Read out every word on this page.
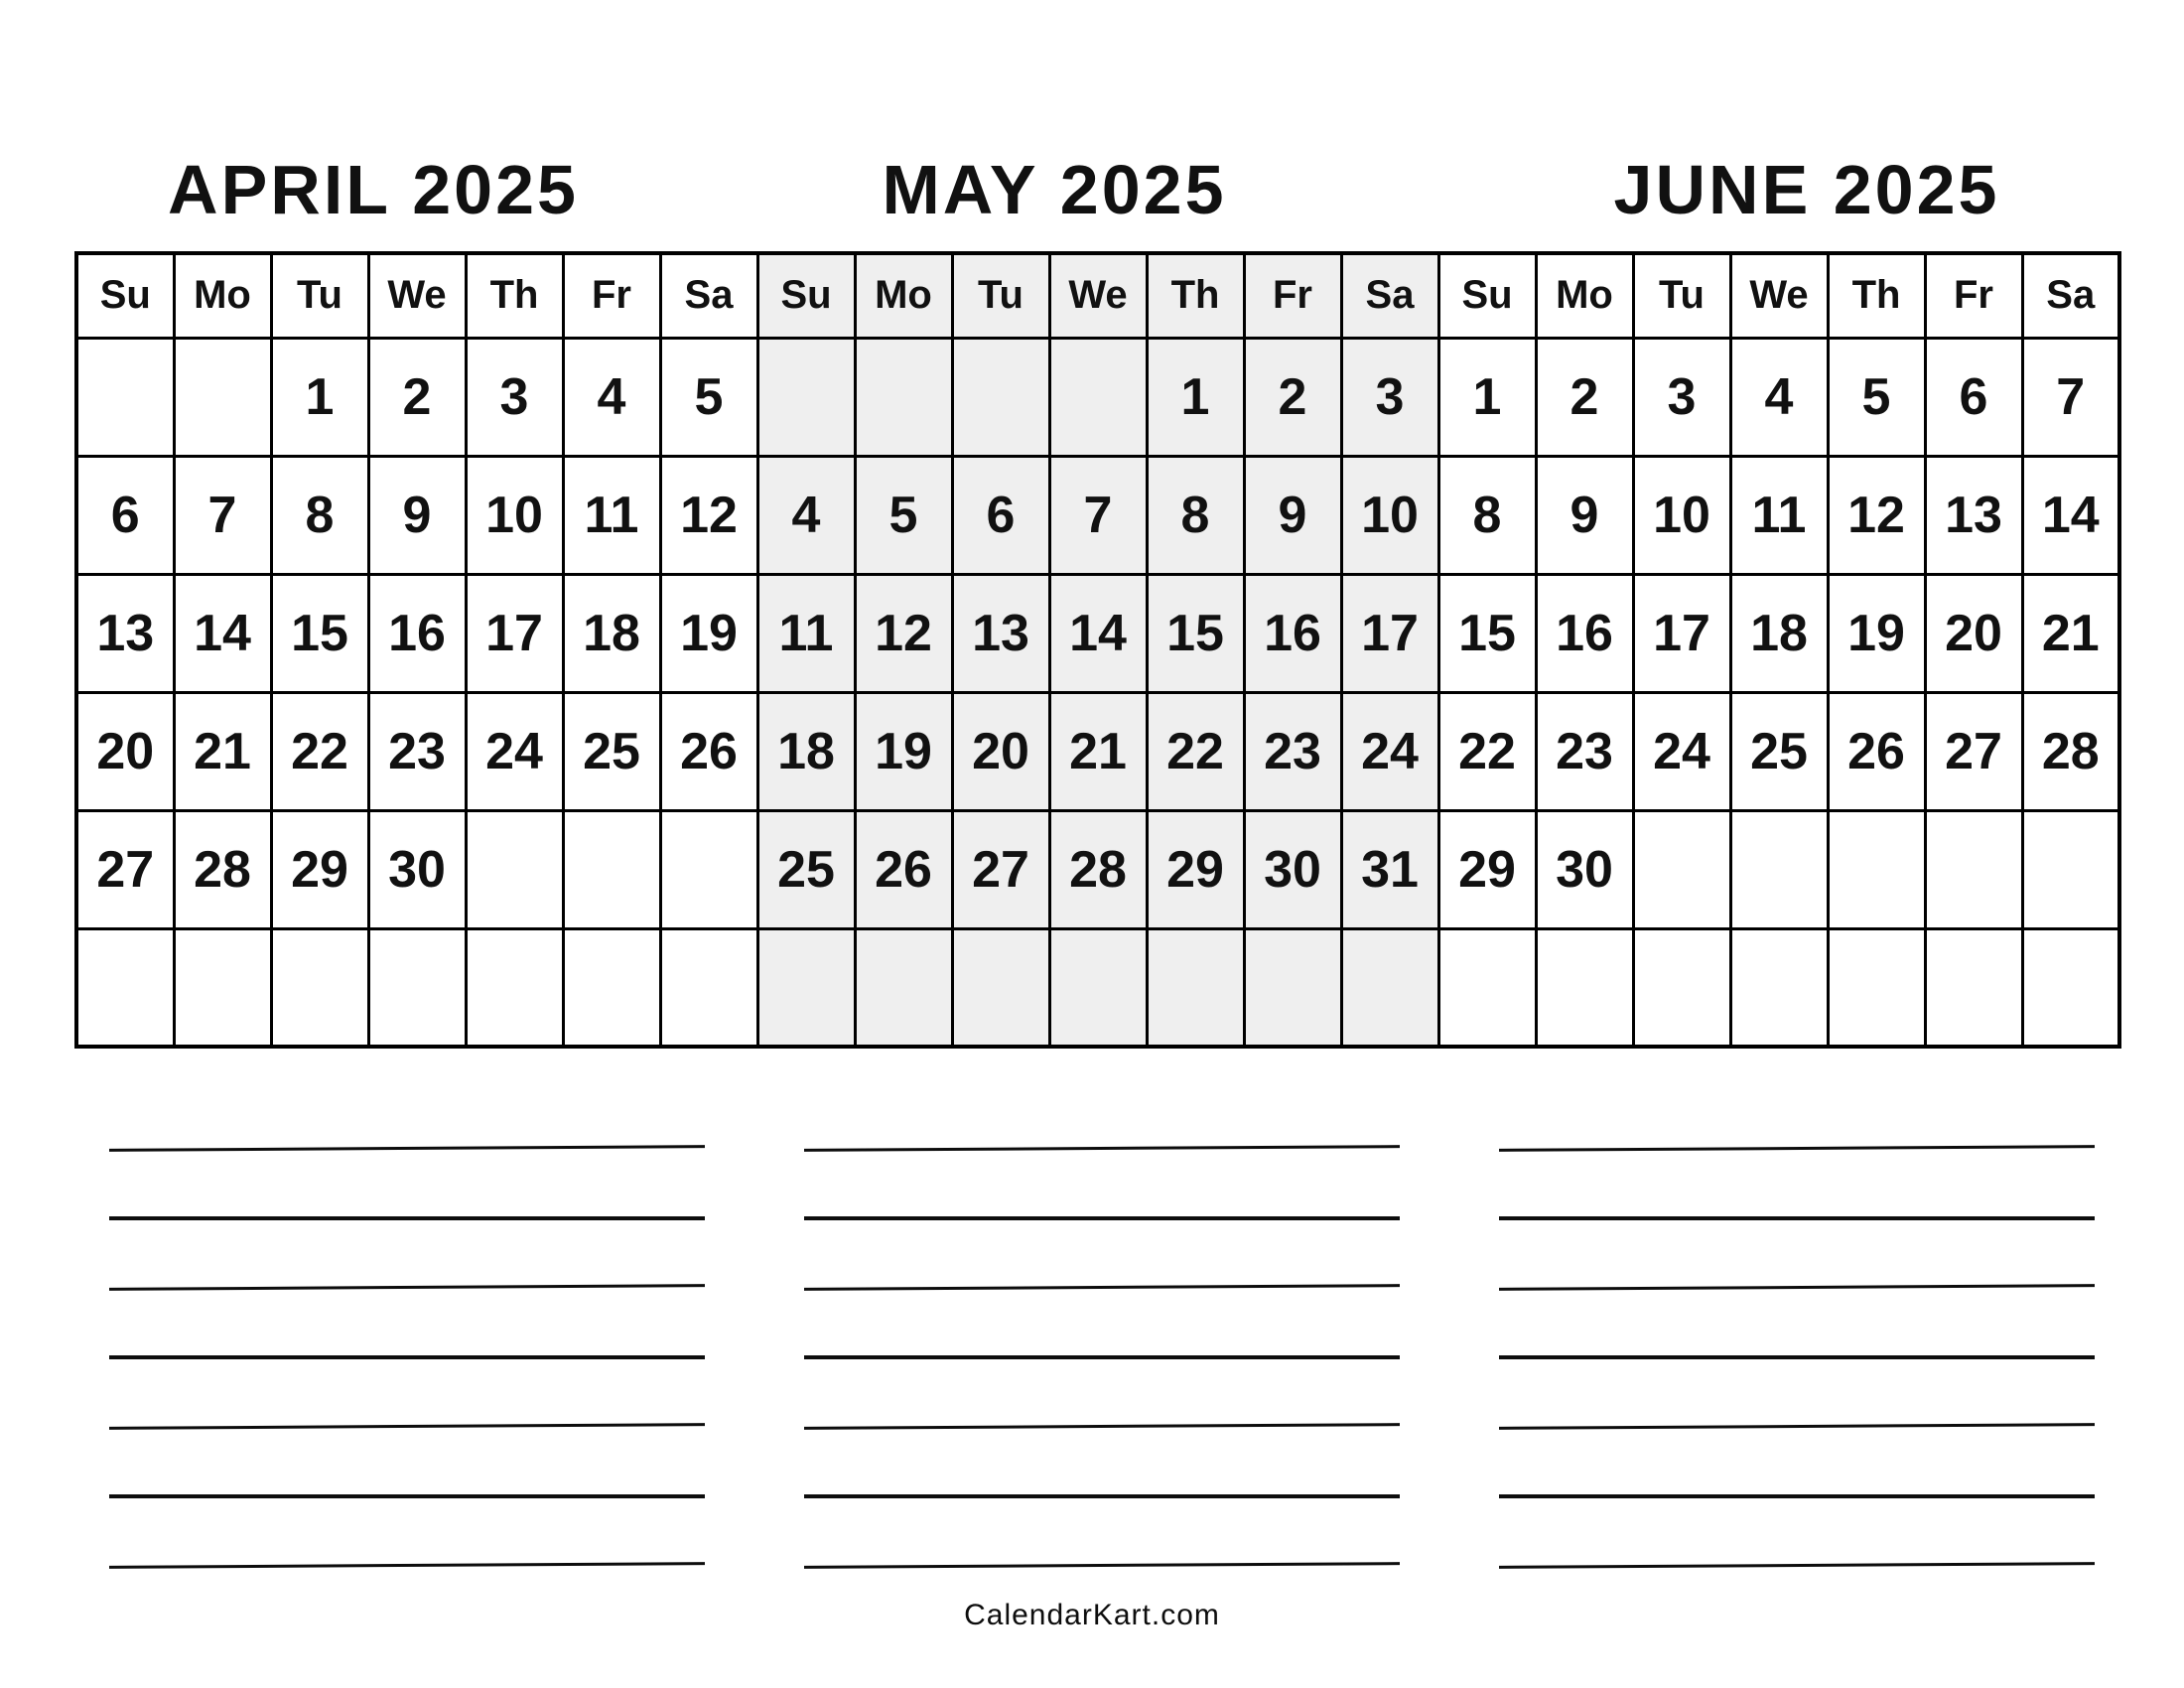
APRIL 2025	MAY 2025	JUNE 2025
Su	Mo	Tu	We	Th	Fr	Sa	Su	Mo	Tu	We	Th	Fr	Sa	Su	Mo	Tu	We	Th	Fr	Sa
		1	2	3	4	5					1	2	3	1	2	3	4	5	6	7
6	7	8	9	10	11	12	4	5	6	7	8	9	10	8	9	10	11	12	13	14
13	14	15	16	17	18	19	11	12	13	14	15	16	17	15	16	17	18	19	20	21
20	21	22	23	24	25	26	18	19	20	21	22	23	24	22	23	24	25	26	27	28
27	28	29	30				25	26	27	28	29	30	31	29	30					

CalendarKart.com
